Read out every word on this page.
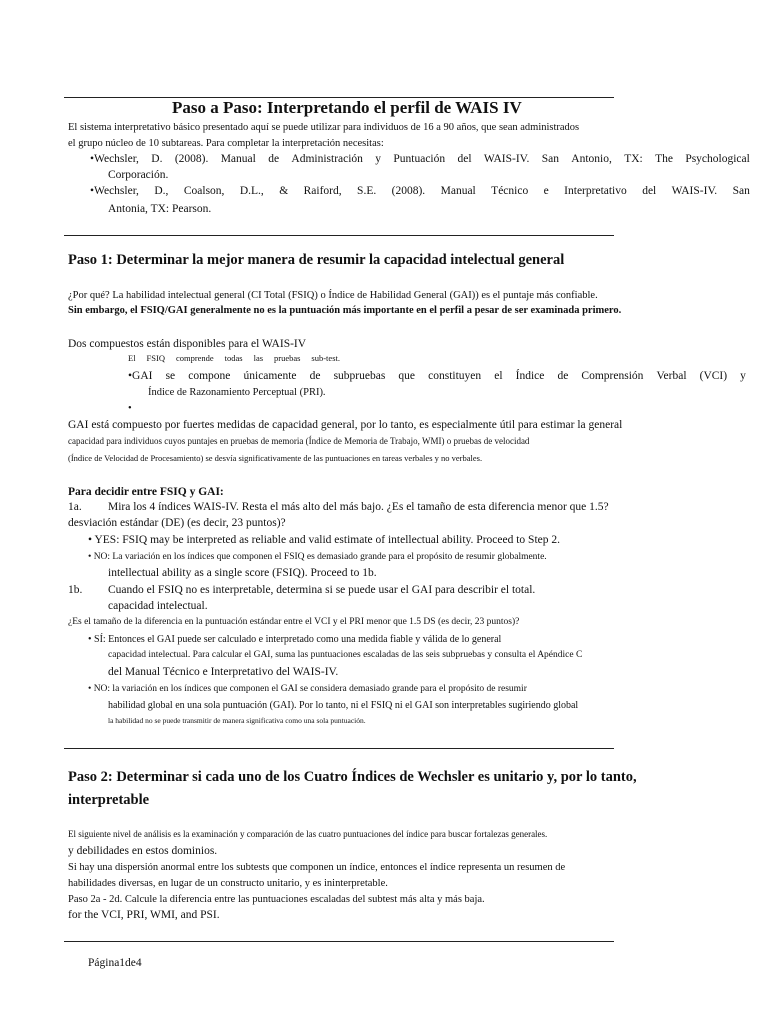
Paso a Paso: Interpretando el perfil de WAIS IV
El sistema interpretativo básico presentado aquí se puede utilizar para individuos de 16 a 90 años, que sean administrados
el grupo núcleo de 10 subtareas. Para completar la interpretación necesitas:
•Wechsler, D. (2008). Manual de Administración y Puntuación del WAIS-IV. San Antonio, TX: The Psychological
Corporación.
•Wechsler, D., Coalson, D.L., & Raiford, S.E. (2008). Manual Técnico e Interpretativo del WAIS-IV. San
Antonia, TX: Pearson.
Paso 1: Determinar la mejor manera de resumir la capacidad intelectual general
¿Por qué? La habilidad intelectual general (CI Total (FSIQ) o Índice de Habilidad General (GAI)) es el puntaje más confiable.
Sin embargo, el FSIQ/GAI generalmente no es la puntuación más importante en el perfil a pesar de ser examinada primero.
Dos compuestos están disponibles para el WAIS-IV
El FSIQ comprende todas las pruebas sub-test.
•GAI se compone únicamente de subpruebas que constituyen el Índice de Comprensión Verbal (VCI) y
Índice de Razonamiento Perceptual (PRI).
•
GAI está compuesto por fuertes medidas de capacidad general, por lo tanto, es especialmente útil para estimar la general
capacidad para individuos cuyos puntajes en pruebas de memoria (Índice de Memoria de Trabajo, WMI) o pruebas de velocidad
(Índice de Velocidad de Procesamiento) se desvía significativamente de las puntuaciones en tareas verbales y no verbales.
Para decidir entre FSIQ y GAI:
1a. Mira los 4 índices WAIS-IV. Resta el más alto del más bajo. ¿Es el tamaño de esta diferencia menor que 1.5?
desviación estándar (DE) (es decir, 23 puntos)?
• YES: FSIQ may be interpreted as reliable and valid estimate of intellectual ability. Proceed to Step 2.
• NO: La variación en los índices que componen el FSIQ es demasiado grande para el propósito de resumir globalmente.
intellectual ability as a single score (FSIQ). Proceed to 1b.
1b. Cuando el FSIQ no es interpretable, determina si se puede usar el GAI para describir el total.
capacidad intelectual.
¿Es el tamaño de la diferencia en la puntuación estándar entre el VCI y el PRI menor que 1.5 DS (es decir, 23 puntos)?
• SÍ: Entonces el GAI puede ser calculado e interpretado como una medida fiable y válida de lo general
capacidad intelectual. Para calcular el GAI, suma las puntuaciones escaladas de las seis subpruebas y consulta el Apéndice C
del Manual Técnico e Interpretativo del WAIS-IV.
• NO: la variación en los índices que componen el GAI se considera demasiado grande para el propósito de resumir
habilidad global en una sola puntuación (GAI). Por lo tanto, ni el FSIQ ni el GAI son interpretables sugiriendo global
la habilidad no se puede transmitir de manera significativa como una sola puntuación.
Paso 2: Determinar si cada uno de los Cuatro Índices de Wechsler es unitario y, por lo tanto,
interpretable
El siguiente nivel de análisis es la examinación y comparación de las cuatro puntuaciones del índice para buscar fortalezas generales.
y debilidades en estos dominios.
Si hay una dispersión anormal entre los subtests que componen un índice, entonces el índice representa un resumen de
habilidades diversas, en lugar de un constructo unitario, y es ininterpretable.
Paso 2a - 2d. Calcule la diferencia entre las puntuaciones escaladas del subtest más alta y más baja.
for the VCI, PRI, WMI, and PSI.
Página1de4
